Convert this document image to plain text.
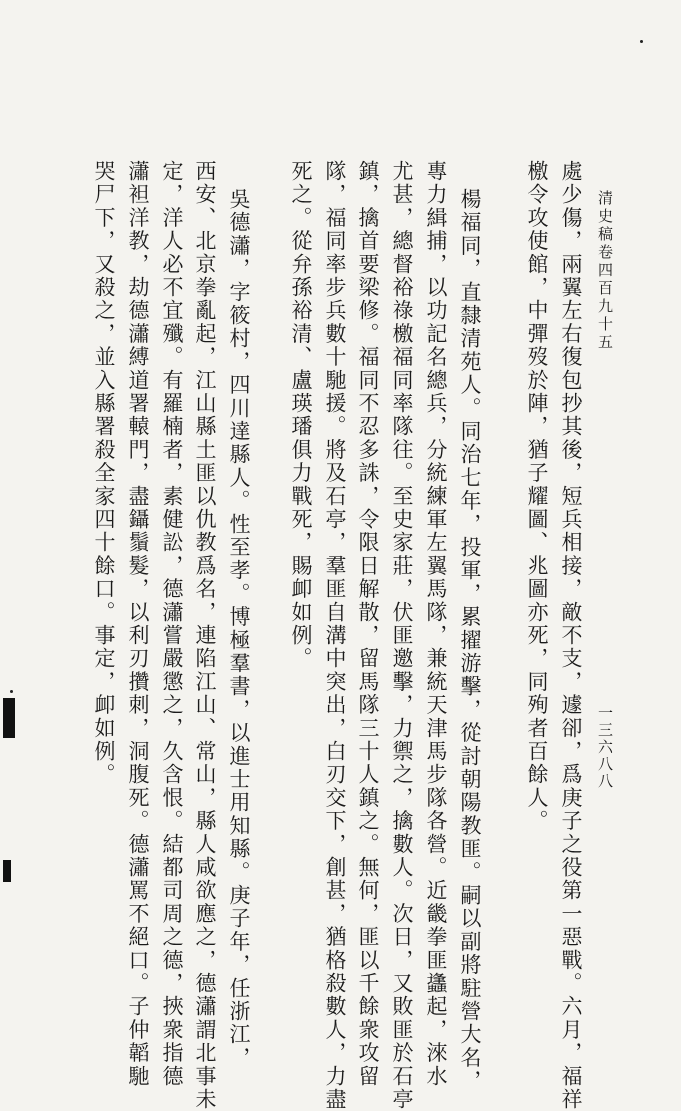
清史稿卷四百九十五
一三六八八
處少傷，兩翼左右復包抄其後，短兵相接，敵不支，遽卻，爲庚子之役第一惡戰。六月，福祥
檄令攻使館，中彈歿於陣，猶子耀圖、兆圖亦死，同殉者百餘人。
楊福同，直隸清苑人。同治七年，投軍，累擢游擊，從討朝陽教匪。嗣以副將駐營大名，
專力緝捕，以功記名總兵，分統練軍左翼馬隊，兼統天津馬步隊各營。近畿拳匪蠭起，淶水
尤甚，總督裕祿檄福同率隊往。至史家莊，伏匪邀擊，力禦之，擒數人。次日，又敗匪於石亭
鎮，擒首要梁修。福同不忍多誅，令限日解散，留馬隊三十人鎮之。無何，匪以千餘衆攻留
隊，福同率步兵數十馳援。將及石亭，羣匪自溝中突出，白刃交下，創甚，猶格殺數人，力盡
死之。從弁孫裕清、盧瑛璠俱力戰死，賜卹如例。
吳德瀟，字筱村，四川達縣人。性至孝。博極羣書，以進士用知縣。庚子年，任浙江，
西安、北京拳亂起，江山縣土匪以仇教爲名，連陷江山、常山，縣人咸欲應之，德瀟謂北事未
定，洋人必不宜殲。有羅楠者，素健訟，德瀟嘗嚴懲之，久含恨。結都司周之德，挾衆指德
瀟袒洋教，劫德瀟縛道署轅門，盡鑷鬚髮，以利刃攢刺，洞腹死。德瀟罵不絕口。子仲韜馳
哭尸下，又殺之，並入縣署殺全家四十餘口。事定，卹如例。
